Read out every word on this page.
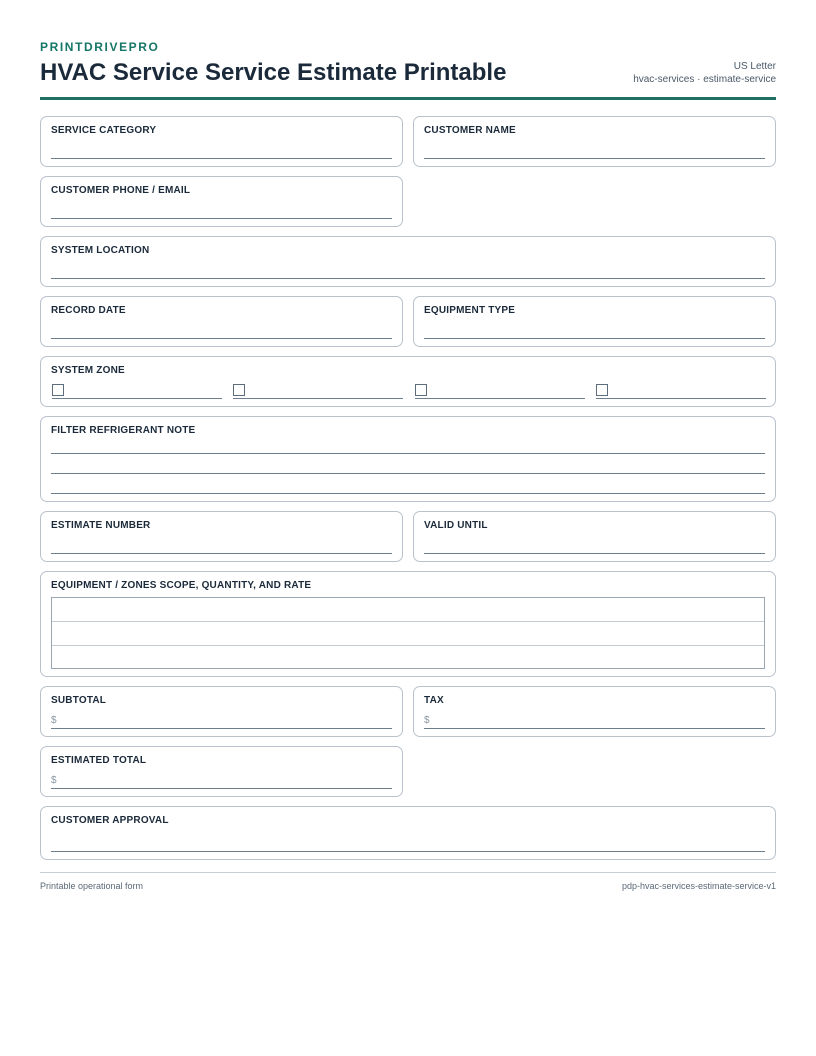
PRINTDRIVEPRO
HVAC Service Service Estimate Printable	US Letter
hvac-services · estimate-service
SERVICE CATEGORY	CUSTOMER NAME
CUSTOMER PHONE / EMAIL
SYSTEM LOCATION
RECORD DATE	EQUIPMENT TYPE
SYSTEM ZONE
FILTER REFRIGERANT NOTE
ESTIMATE NUMBER	VALID UNTIL
EQUIPMENT / ZONES SCOPE, QUANTITY, AND RATE
SUBTOTAL
$
TAX
$
ESTIMATED TOTAL
$
CUSTOMER APPROVAL
Printable operational form	pdp-hvac-services-estimate-service-v1
